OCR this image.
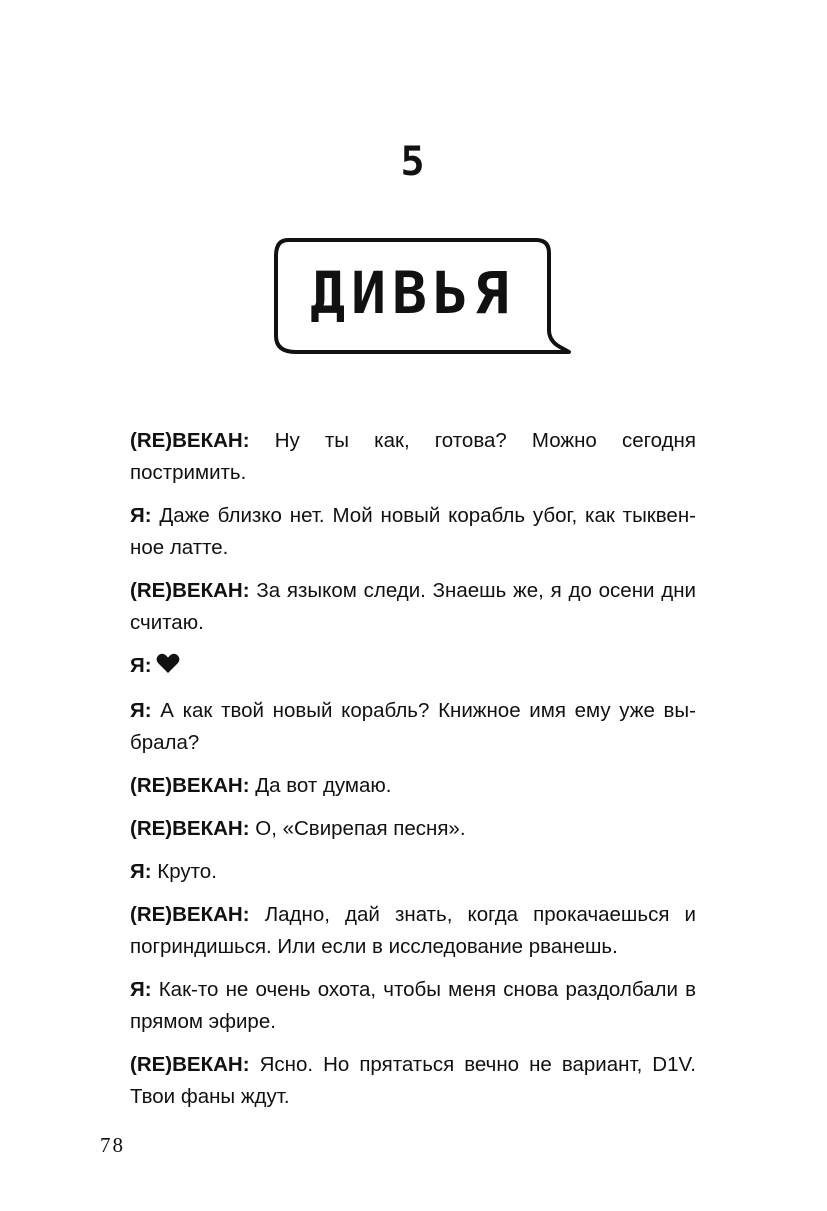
5
ДИВЬЯ

(RE)ВЕКАН: Ну ты как, готова? Можно сегодня постримить.

Я: Даже близко нет. Мой новый корабль убог, как тыквенное латте.

(RE)ВЕКАН: За языком следи. Знаешь же, я до осени дни считаю.

Я:

Я: А как твой новый корабль? Книжное имя ему уже выбрала?

(RE)ВЕКАН: Да вот думаю.

(RE)ВЕКАН: О, «Свирепая песня».

Я: Круто.

(RE)ВЕКАН: Ладно, дай знать, когда прокачаешься и погриндишься. Или если в исследование рванешь.

Я: Как-то не очень охота, чтобы меня снова раздолбали в прямом эфире.

(RE)ВЕКАН: Ясно. Но прятаться вечно не вариант, D1V. Твои фаны ждут.

78
